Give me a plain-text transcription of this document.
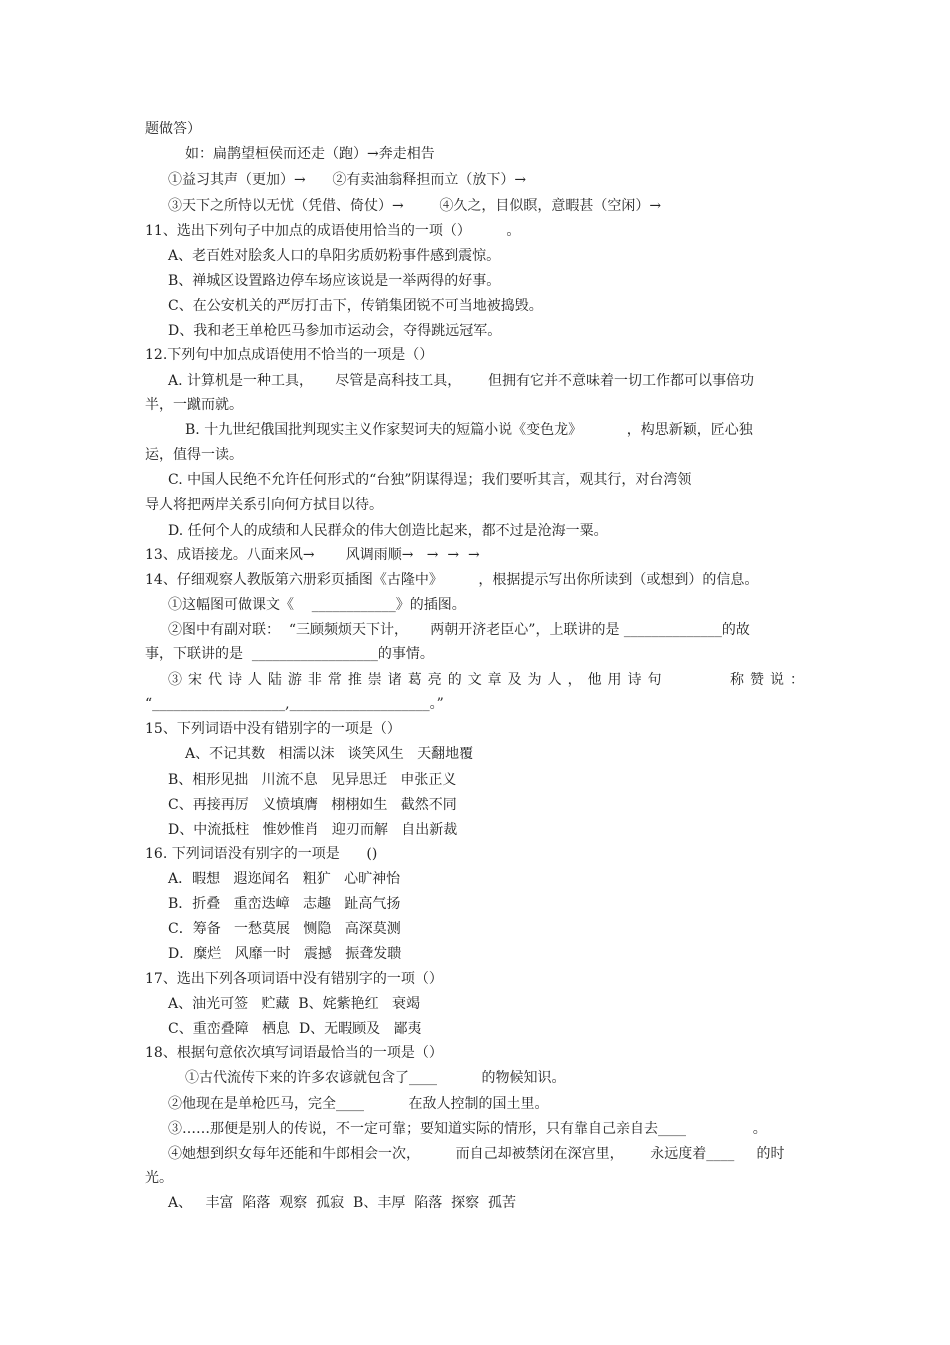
题做答）
如：扁鹊望桓侯而还走（跑）→奔走相告
①益习其声（更加）→      ②有卖油翁释担而立（放下）→
③天下之所恃以无忧（凭借、倚仗）→        ④久之，目似瞑，意暇甚（空闲）→
11、选出下列句子中加点的成语使用恰当的一项（）        。
A、老百姓对脍炙人口的阜阳劣质奶粉事件感到震惊。
B、禅城区设置路边停车场应该说是一举两得的好事。
C、在公安机关的严厉打击下，传销集团锐不可当地被捣毁。
D、我和老王单枪匹马参加市运动会，夺得跳远冠军。
12.下列句中加点成语使用不恰当的一项是（）
A. 计算机是一种工具，     尽管是高科技工具，      但拥有它并不意味着一切工作都可以事倍功
半，一蹴而就。
B. 十九世纪俄国批判现实主义作家契诃夫的短篇小说《变色龙》          ，构思新颖，匠心独
运，值得一读。
C. 中国人民绝不允许任何形式的“台独”阴谋得逞；我们要听其言，观其行，对台湾领
导人将把两岸关系引向何方拭目以待。
D. 任何个人的成绩和人民群众的伟大创造比起来，都不过是沧海一粟。
13、成语接龙。八面来风→       风调雨顺→   →  →  →
14、仔细观察人教版第六册彩页插图《古隆中》        ，根据提示写出你所读到（或想到）的信息。
①这幅图可做课文《    ____________》的插图。
②图中有副对联：  “三顾频烦天下计，     两朝开济老臣心”，上联讲的是 ______________的故
事，下联讲的是  __________________的事情。
③宋代诗人陆游非常推崇诸葛亮的文章及为人，他用诗句      称赞说：
“___________________,____________________。”
15、下列词语中没有错别字的一项是（）
A、不记其数   相濡以沫   谈笑风生   天翻地覆
B、相形见拙   川流不息   见异思迁   申张正义
C、再接再厉   义愤填膺   栩栩如生   截然不同
D、中流抵柱   惟妙惟肖   迎刃而解   自出新裁
16. 下列词语没有别字的一项是      ()
A．暇想   遐迩闻名   粗犷   心旷神怡
B．折叠   重峦迭嶂   志趣   趾高气扬
C．筹备   一愁莫展   恻隐   高深莫测
D．糜烂   风靡一时   震撼   振聋发聩
17、选出下列各项词语中没有错别字的一项（）
A、油光可签   贮藏  B、姹紫艳红   衰竭
C、重峦叠障   栖息  D、无暇顾及   鄙夷
18、根据句意依次填写词语最恰当的一项是（）
①古代流传下来的许多农谚就包含了____          的物候知识。
②他现在是单枪匹马，完全____          在敌人控制的国土里。
③……那便是别人的传说，不一定可靠；要知道实际的情形，只有靠自己亲自去____               。
④她想到织女每年还能和牛郎相会一次，        而自己却被禁闭在深宫里，      永远度着____     的时
光。
A、   丰富  陷落  观察  孤寂  B、丰厚  陷落  探察  孤苦
